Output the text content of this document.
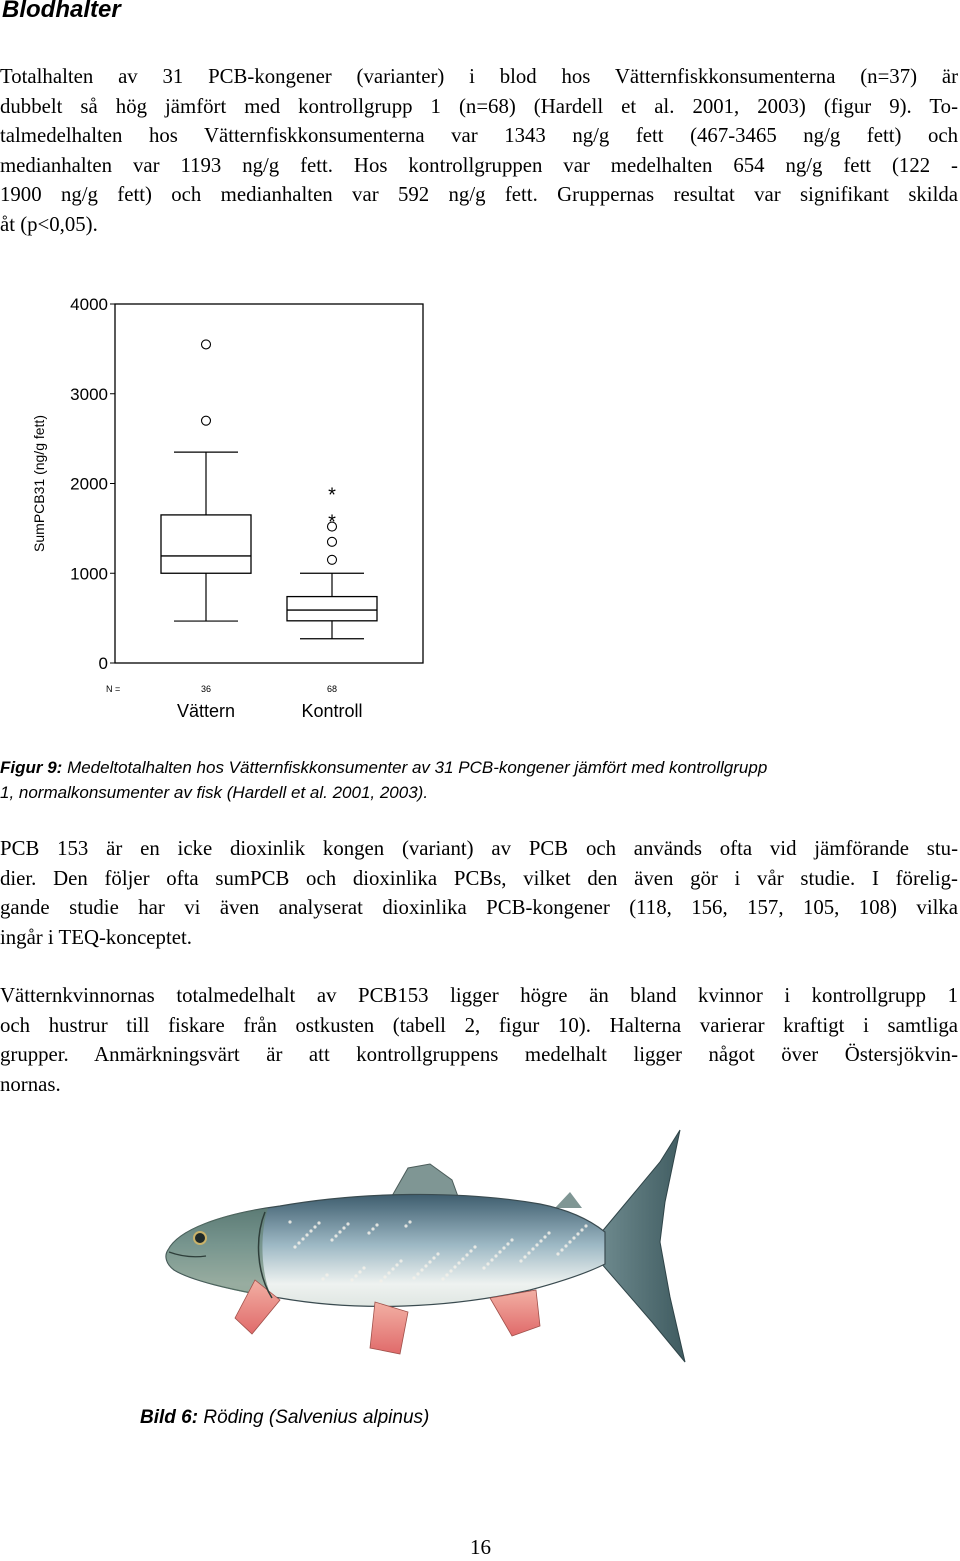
Blodhalter

Totalhalten av 31 PCB-kongener (varianter) i blod hos Vätternfiskkonsumenterna (n=37) är
dubbelt så hög jämfört med kontrollgrupp 1 (n=68) (Hardell et al. 2001, 2003) (figur 9). To-
talmedelhalten hos Vätternfiskkonsumenterna var 1343 ng/g fett (467-3465 ng/g fett) och
medianhalten var 1193 ng/g fett. Hos kontrollgruppen var medelhalten 654 ng/g fett (122 -
1900 ng/g fett) och medianhalten var 592 ng/g fett. Gruppernas resultat var signifikant skilda
åt (p<0,05).

0
1000
2000
3000
4000
SumPCB31 (ng/g fett)
36
Vättern
*
*
68
Kontroll
N =

Figur 9: Medeltotalhalten hos Vätternfiskkonsumenter av 31 PCB-kongener jämfört med kontrollgrupp
1, normalkonsumenter av fisk (Hardell et al. 2001, 2003).

PCB 153 är en icke dioxinlik kongen (variant) av PCB och används ofta vid jämförande stu-
dier. Den följer ofta sumPCB och dioxinlika PCBs, vilket den även gör i vår studie. I förelig-
gande studie har vi även analyserat dioxinlika PCB-kongener (118, 156, 157, 105, 108) vilka
ingår i TEQ-konceptet.

Vätternkvinnornas totalmedelhalt av PCB153 ligger högre än bland kvinnor i kontrollgrupp 1
och hustrur till fiskare från ostkusten (tabell 2, figur 10). Halterna varierar kraftigt i samtliga
grupper. Anmärkningsvärt är att kontrollgruppens medelhalt ligger något över Östersjökvin-
nornas.

Bild 6: Röding (Salvenius alpinus)

16
